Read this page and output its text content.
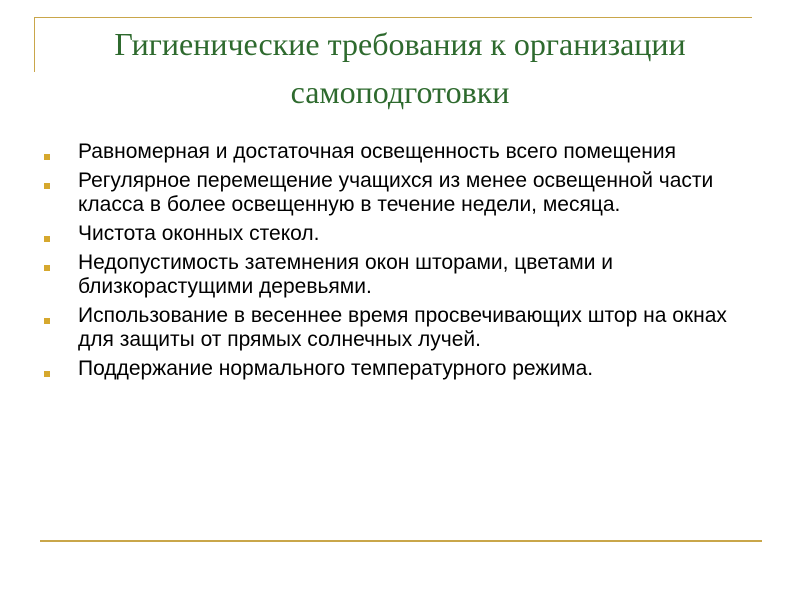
Гигиенические требования к организации самоподготовки
Равномерная и достаточная освещенность всего помещения
Регулярное перемещение учащихся из менее освещенной части класса в более освещенную в течение недели, месяца.
Чистота оконных стекол.
Недопустимость затемнения окон шторами, цветами и близкорастущими деревьями.
Использование в весеннее время просвечивающих штор на окнах для защиты от прямых солнечных лучей.
Поддержание нормального температурного режима.
